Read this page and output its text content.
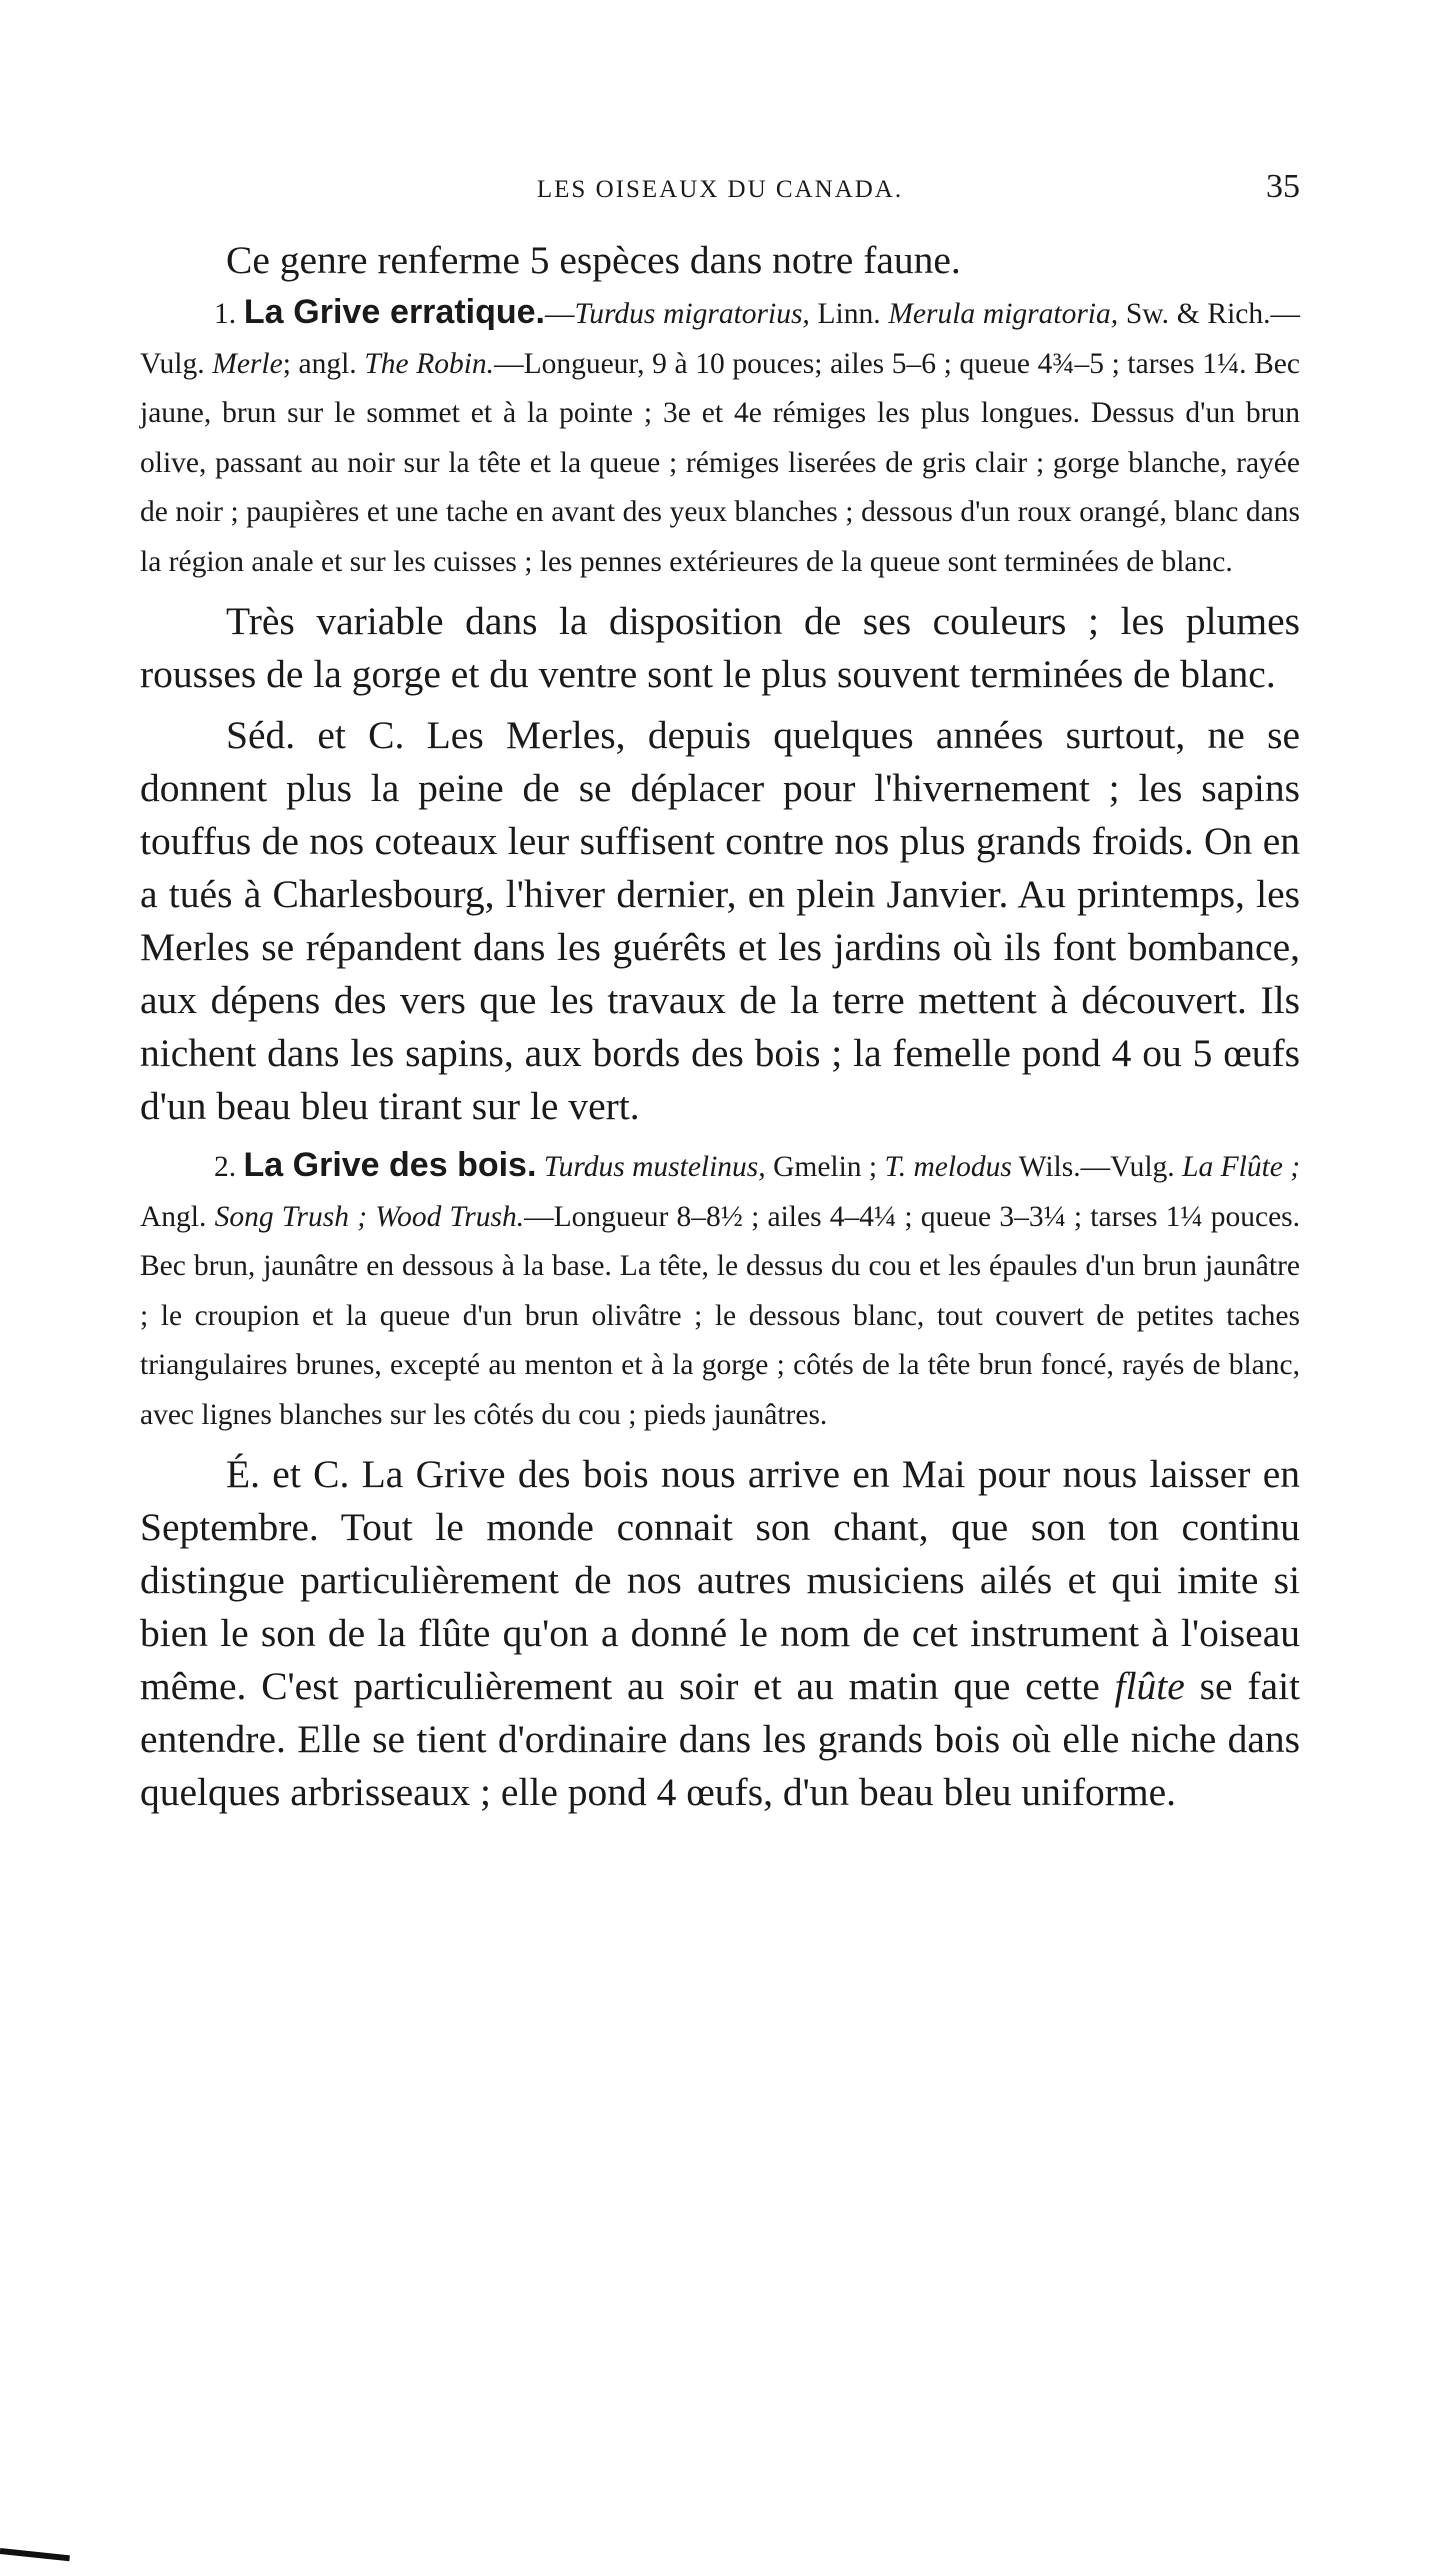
LES OISEAUX DU CANADA.	35

Ce genre renferme 5 espèces dans notre faune.

1. La Grive erratique.—Turdus migratorius, Linn. Merula migratoria, Sw. & Rich.—Vulg. Merle; angl. The Robin.—Longueur, 9 à 10 pouces; ailes 5–6 ; queue 4¾–5 ; tarses 1¼. Bec jaune, brun sur le sommet et à la pointe ; 3e et 4e rémiges les plus longues. Dessus d'un brun olive, passant au noir sur la tête et la queue ; rémiges liserées de gris clair ; gorge blanche, rayée de noir ; paupières et une tache en avant des yeux blanches ; dessous d'un roux orangé, blanc dans la région anale et sur les cuisses ; les pennes extérieures de la queue sont terminées de blanc.

Très variable dans la disposition de ses couleurs ; les plumes rousses de la gorge et du ventre sont le plus souvent terminées de blanc.

Séd. et C. Les Merles, depuis quelques années surtout, ne se donnent plus la peine de se déplacer pour l'hivernement ; les sapins touffus de nos coteaux leur suffisent contre nos plus grands froids. On en a tués à Charlesbourg, l'hiver dernier, en plein Janvier. Au printemps, les Merles se répandent dans les guérêts et les jardins où ils font bombance, aux dépens des vers que les travaux de la terre mettent à découvert. Ils nichent dans les sapins, aux bords des bois ; la femelle pond 4 ou 5 œufs d'un beau bleu tirant sur le vert.

2. La Grive des bois. Turdus mustelinus, Gmelin ; T. melodus Wils.—Vulg. La Flûte ; Angl. Song Trush ; Wood Trush.—Longueur 8–8½ ; ailes 4–4¼ ; queue 3–3¼ ; tarses 1¼ pouces. Bec brun, jaunâtre en dessous à la base. La tête, le dessus du cou et les épaules d'un brun jaunâtre ; le croupion et la queue d'un brun olivâtre ; le dessous blanc, tout couvert de petites taches triangulaires brunes, excepté au menton et à la gorge ; côtés de la tête brun foncé, rayés de blanc, avec lignes blanches sur les côtés du cou ; pieds jaunâtres.

É. et C. La Grive des bois nous arrive en Mai pour nous laisser en Septembre. Tout le monde connait son chant, que son ton continu distingue particulièrement de nos autres musiciens ailés et qui imite si bien le son de la flûte qu'on a donné le nom de cet instrument à l'oiseau même. C'est particulièrement au soir et au matin que cette flûte se fait entendre. Elle se tient d'ordinaire dans les grands bois où elle niche dans quelques arbrisseaux ; elle pond 4 œufs, d'un beau bleu uniforme.
